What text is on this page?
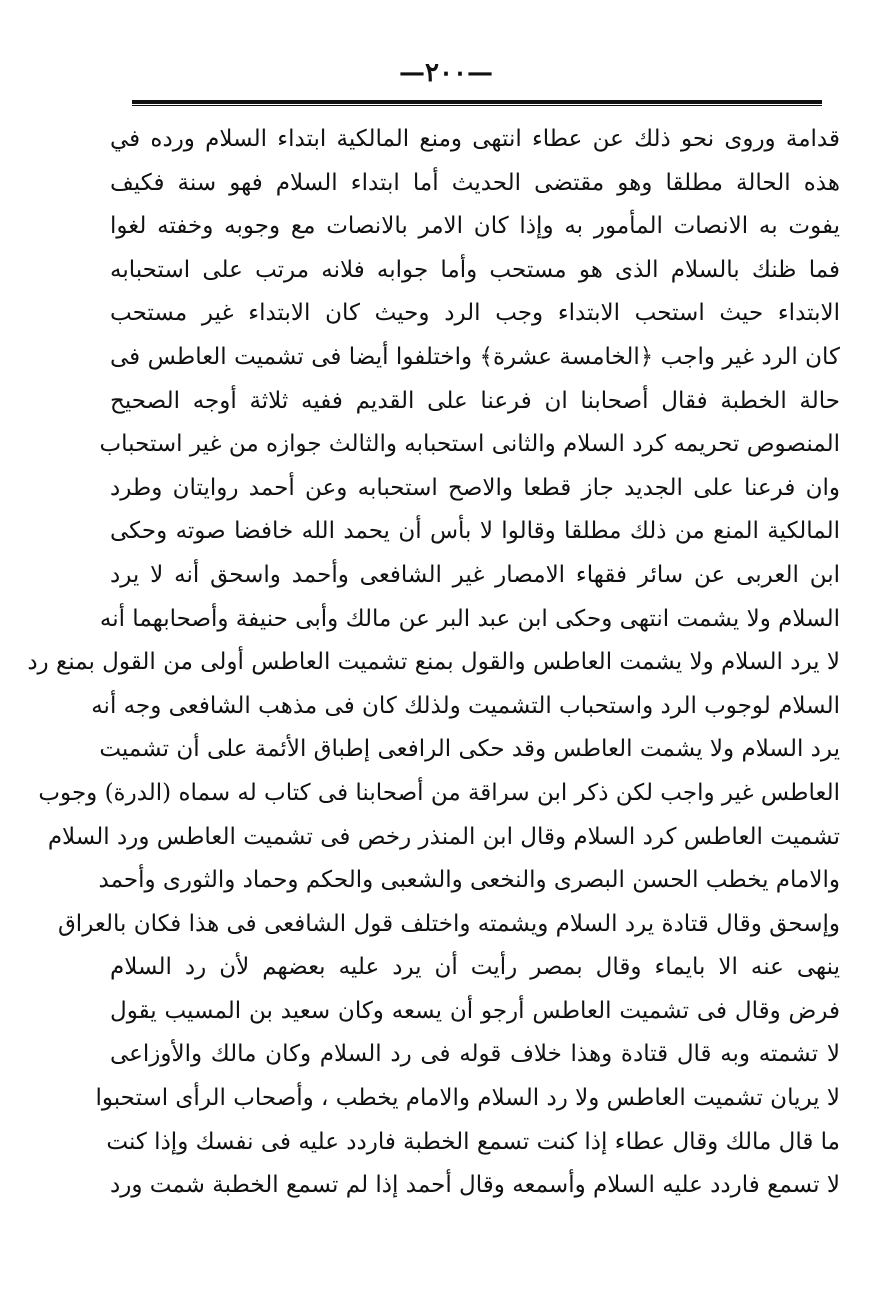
—٢٠٠—
قدامة وروى نحو ذلك عن عطاء انتهى ومنع المالكية ابتداء السلام ورده في
هذه الحالة مطلقا وهو مقتضى الحديث أما ابتداء السلام فهو سنة فكيف
يفوت به الانصات المأمور به وإذا كان الامر بالانصات مع وجوبه وخفته لغوا
فما ظنك بالسلام الذى هو مستحب وأما جوابه فلانه مرتب على استحبابه
الابتداء حيث استحب الابتداء وجب الرد وحيث كان الابتداء غير مستحب
كان الرد غير واجب ﴿الخامسة عشرة﴾ واختلفوا أيضا فى تشميت العاطس فى
حالة الخطبة فقال أصحابنا ان فرعنا على القديم ففيه ثلاثة أوجه الصحيح
المنصوص تحريمه كرد السلام والثانى استحبابه والثالث جوازه من غير استحباب
وان فرعنا على الجديد جاز قطعا والاصح استحبابه وعن أحمد روايتان وطرد
المالكية المنع من ذلك مطلقا وقالوا لا بأس أن يحمد الله خافضا صوته وحكى
ابن العربى عن سائر فقهاء الامصار غير الشافعى وأحمد واسحق أنه لا يرد
السلام ولا يشمت انتهى وحكى ابن عبد البر عن مالك وأبى حنيفة وأصحابهما أنه
لا يرد السلام ولا يشمت العاطس والقول بمنع تشميت العاطس أولى من القول بمنع رد
السلام لوجوب الرد واستحباب التشميت ولذلك كان فى مذهب الشافعى وجه أنه
يرد السلام ولا يشمت العاطس وقد حكى الرافعى إطباق الأئمة على أن تشميت
العاطس غير واجب لكن ذكر ابن سراقة من أصحابنا فى كتاب له سماه (الدرة) وجوب
تشميت العاطس كرد السلام وقال ابن المنذر رخص فى تشميت العاطس ورد السلام
والامام يخطب الحسن البصرى والنخعى والشعبى والحكم وحماد والثورى وأحمد
وإسحق وقال قتادة يرد السلام ويشمته واختلف قول الشافعى فى هذا فكان بالعراق
ينهى عنه الا بايماء وقال بمصر رأيت أن يرد عليه بعضهم لأن رد السلام
فرض وقال فى تشميت العاطس أرجو أن يسعه وكان سعيد بن المسيب يقول
لا تشمته وبه قال قتادة وهذا خلاف قوله فى رد السلام وكان مالك والأوزاعى
لا يريان تشميت العاطس ولا رد السلام والامام يخطب ، وأصحاب الرأى استحبوا
ما قال مالك وقال عطاء إذا كنت تسمع الخطبة فاردد عليه فى نفسك وإذا كنت
لا تسمع فاردد عليه السلام وأسمعه وقال أحمد إذا لم تسمع الخطبة شمت ورد
